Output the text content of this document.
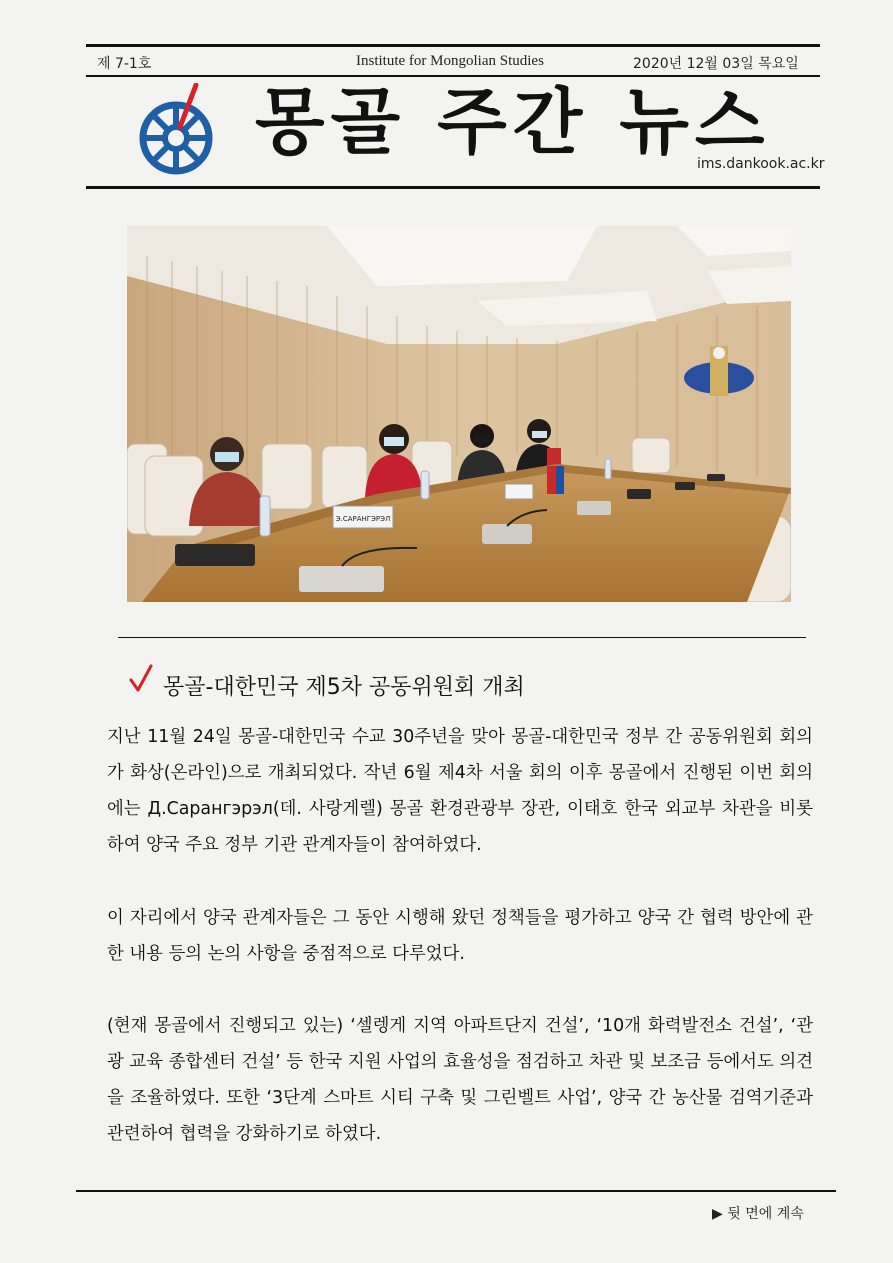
제 7-1호	Institute for Mongolian Studies	2020년 12월 03일 목요일
몽골 주간 뉴스
ims.dankook.ac.kr
Э.САРАНГЭРЭЛ
몽골-대한민국 제5차 공동위원회 개최

지난 11월 24일 몽골-대한민국 수교 30주년을 맞아 몽골-대한민국 정부 간 공동위원회 회의가 화상(온라인)으로 개최되었다. 작년 6월 제4차 서울 회의 이후 몽골에서 진행된 이번 회의에는 Д.Сарангэрэл(데. 사랑게렐) 몽골 환경관광부 장관, 이태호 한국 외교부 차관을 비롯하여 양국 주요 정부 기관 관계자들이 참여하였다.

이 자리에서 양국 관계자들은 그 동안 시행해 왔던 정책들을 평가하고 양국 간 협력 방안에 관한 내용 등의 논의 사항을 중점적으로 다루었다.

(현재 몽골에서 진행되고 있는) ‘셀렝게 지역 아파트단지 건설’, ‘10개 화력발전소 건설’, ‘관광 교육 종합센터 건설’ 등 한국 지원 사업의 효율성을 점검하고 차관 및 보조금 등에서도 의견을 조율하였다. 또한 ‘3단계 스마트 시티 구축 및 그린벨트 사업’, 양국 간 농산물 검역기준과 관련하여 협력을 강화하기로 하였다.

▶ 뒷 면에 계속
